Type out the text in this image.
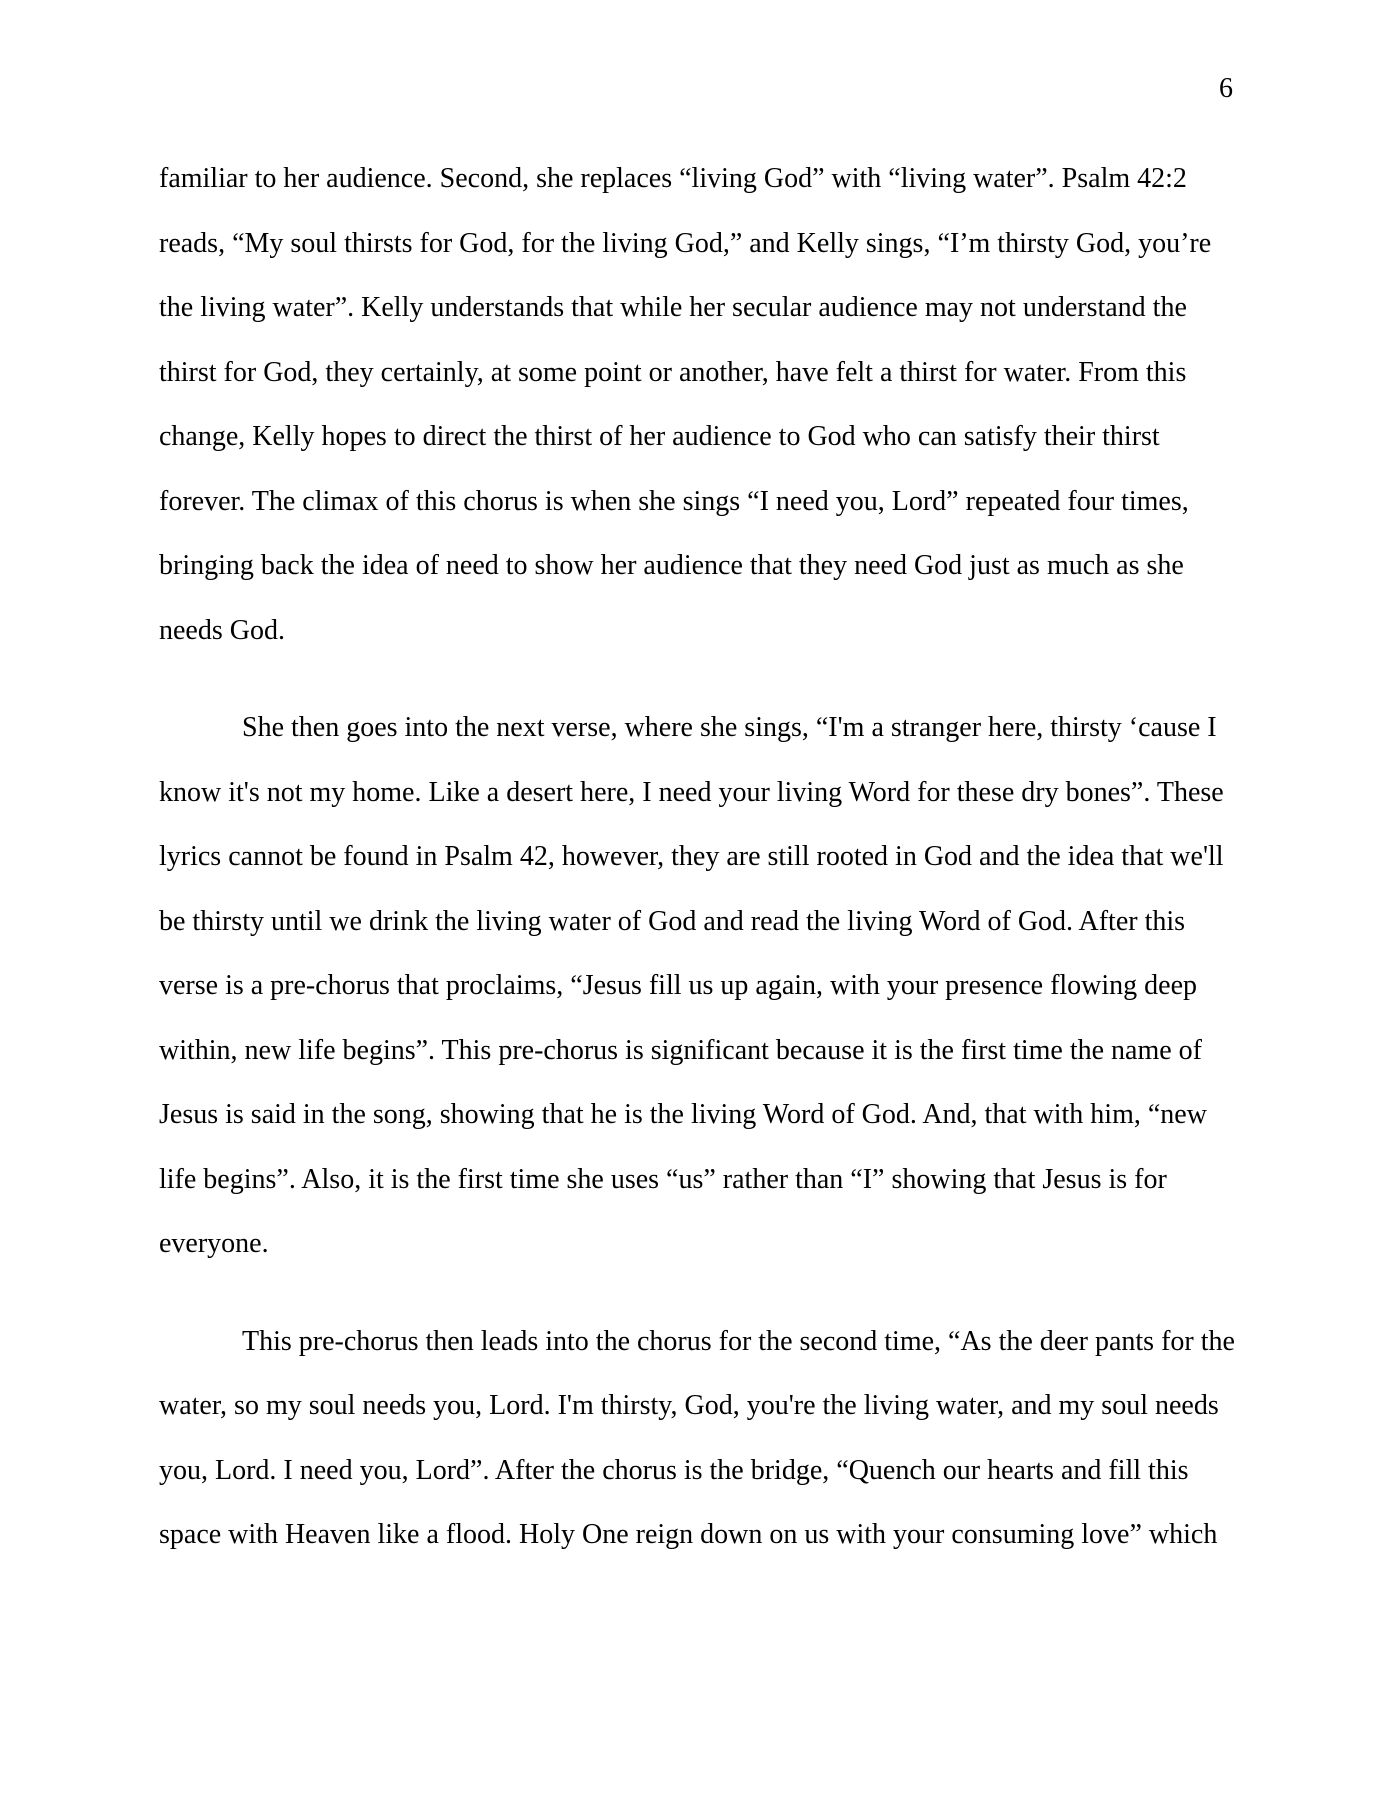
6

familiar to her audience. Second, she replaces “living God” with “living water”. Psalm 42:2
reads, “My soul thirsts for God, for the living God,” and Kelly sings, “I’m thirsty God, you’re
the living water”. Kelly understands that while her secular audience may not understand the
thirst for God, they certainly, at some point or another, have felt a thirst for water. From this
change, Kelly hopes to direct the thirst of her audience to God who can satisfy their thirst
forever. The climax of this chorus is when she sings “I need you, Lord” repeated four times,
bringing back the idea of need to show her audience that they need God just as much as she
needs God.

She then goes into the next verse, where she sings, “I'm a stranger here, thirsty ‘cause I
know it's not my home. Like a desert here, I need your living Word for these dry bones”. These
lyrics cannot be found in Psalm 42, however, they are still rooted in God and the idea that we'll
be thirsty until we drink the living water of God and read the living Word of God. After this
verse is a pre-chorus that proclaims, “Jesus fill us up again, with your presence flowing deep
within, new life begins”. This pre-chorus is significant because it is the first time the name of
Jesus is said in the song, showing that he is the living Word of God. And, that with him, “new
life begins”. Also, it is the first time she uses “us” rather than “I” showing that Jesus is for
everyone.

This pre-chorus then leads into the chorus for the second time, “As the deer pants for the
water, so my soul needs you, Lord. I'm thirsty, God, you're the living water, and my soul needs
you, Lord. I need you, Lord”. After the chorus is the bridge, “Quench our hearts and fill this
space with Heaven like a flood. Holy One reign down on us with your consuming love” which
